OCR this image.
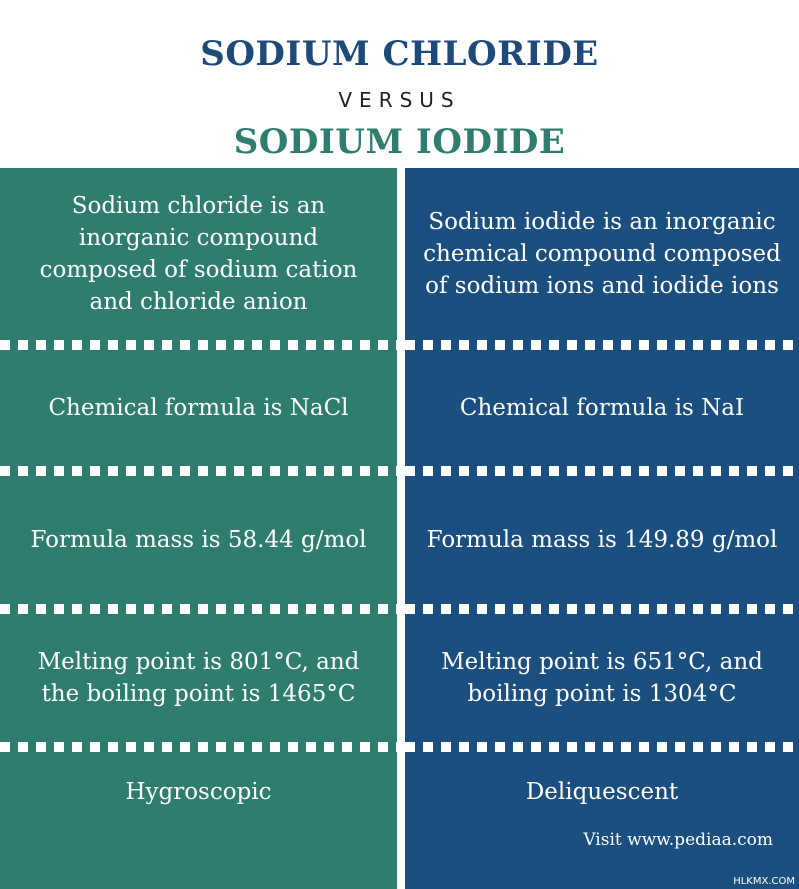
SODIUM CHLORIDE
VERSUS
SODIUM IODIDE
Sodium chloride is an inorganic compound composed of sodium cation and chloride anion
Chemical formula is NaCl
Formula mass is 58.44 g/mol
Melting point is 801°C, and the boiling point is 1465°C
Hygroscopic
Sodium iodide is an inorganic chemical compound composed of sodium ions and iodide ions
Chemical formula is NaI
Formula mass is 149.89 g/mol
Melting point is 651°C, and boiling point is 1304°C
Deliquescent
Visit www.pediaa.com
HLKMX.COM
